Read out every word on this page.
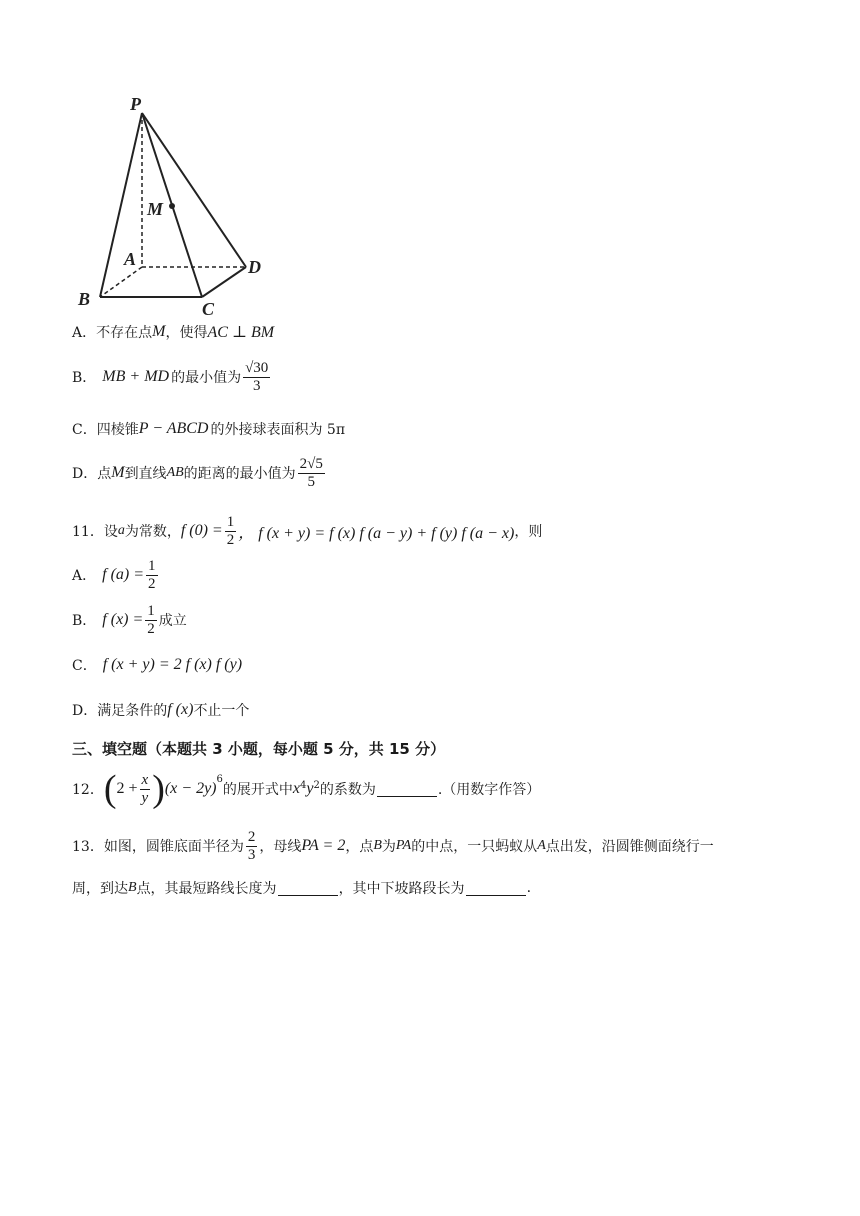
P
M
A
B	C
D
A． 不存在点 M ，使得 AC ⊥ BM
B． MB + MD 的最小值为 $\frac{√30}{3}$
C． 四棱锥 P − ABCD 的外接球表面积为 5π
D． 点 M 到直线 AB 的距离的最小值为 $\frac{2√5}{5}$
11．设 a 为常数， f $(0) = \frac{1}{2}$ ， f (x + y) = f (x) f (a − y) + f (y) f (a − x) ，则
A． f $(a) = \frac{1}{2}$
B． f $(x) = \frac{1}{2}$ 成立
C． f (x + y) = 2 f (x) f (y)
D． 满足条件的 f (x) 不止一个
三、填空题（本题共 3 小题，每小题 5 分，共 15 分）
12． ( $2 + \frac{x}{y}$ ) (x − 2y)
$^6$
的展开式中 $x^4$ $y^2$ 的系数为	.（用数字作答）
13．如图，圆锥底面半径为 $\frac{2}{3}$ ，母线 PA = 2 ，点 B 为 PA 的中点，一只蚂蚁从 A 点出发，沿圆锥侧面绕行一
周，到达 B 点，其最短路线长度为	，其中下坡路段长为	.
